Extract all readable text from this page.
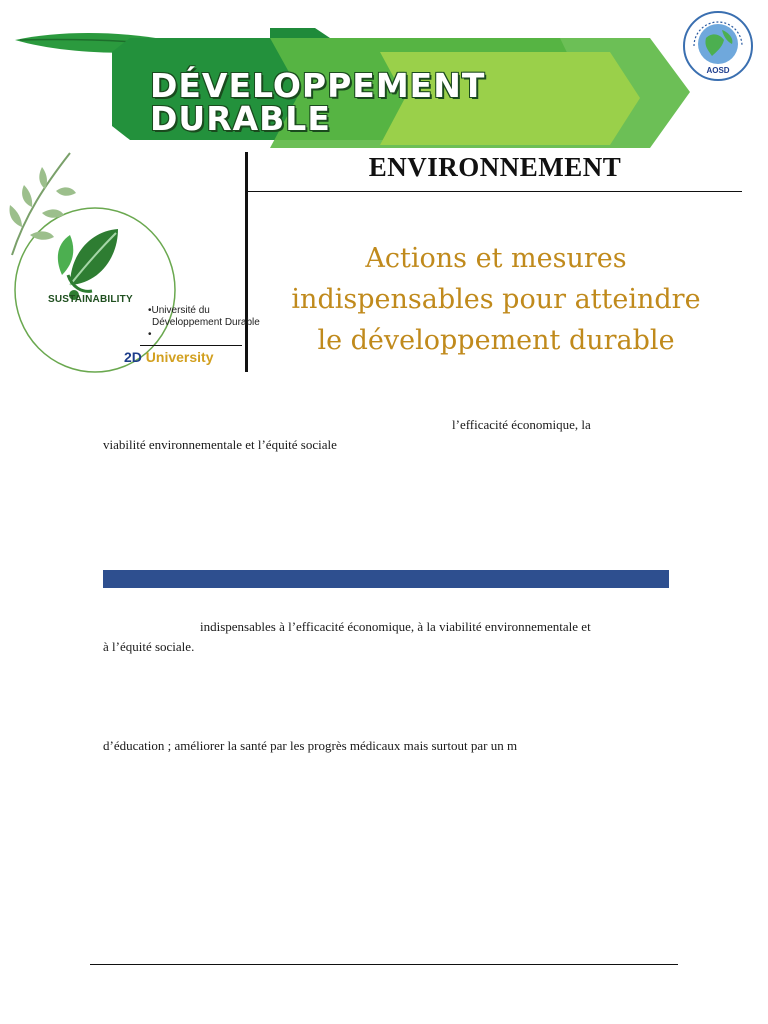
DÉVELOPPEMENT
DURABLE
AOSD
ENVIRONNEMENT
Actions et mesures
indispensables pour atteindre
le développement durable
SUSTAINABILITY
•Université du
Développement Durable
•
2D University
l’efficacité économique, la
viabilité environnementale et l’équité sociale
indispensables à l’efficacité économique, à la viabilité environnementale et
à l’équité sociale.
d’éducation ; améliorer la santé par les progrès médicaux mais surtout par un m
